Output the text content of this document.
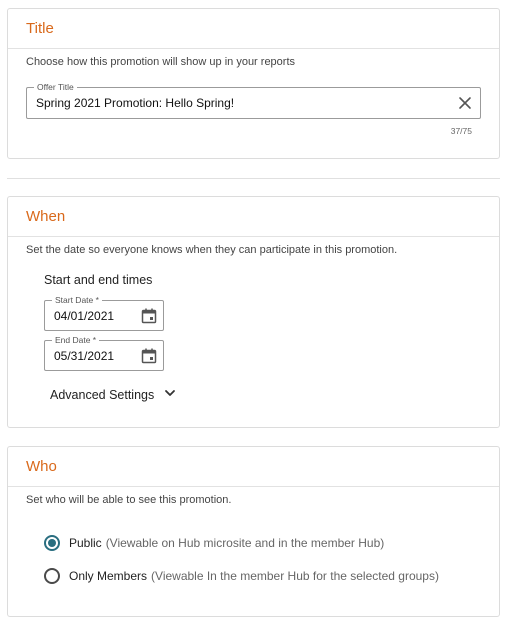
Title
Choose how this promotion will show up in your reports
Offer Title
Spring 2021 Promotion: Hello Spring!
37/75
When
Set the date so everyone knows when they can participate in this promotion.
Start and end times
Start Date *
04/01/2021
End Date *
05/31/2021
Advanced Settings
Who
Set who will be able to see this promotion.
Public (Viewable on Hub microsite and in the member Hub)
Only Members (Viewable In the member Hub for the selected groups)
